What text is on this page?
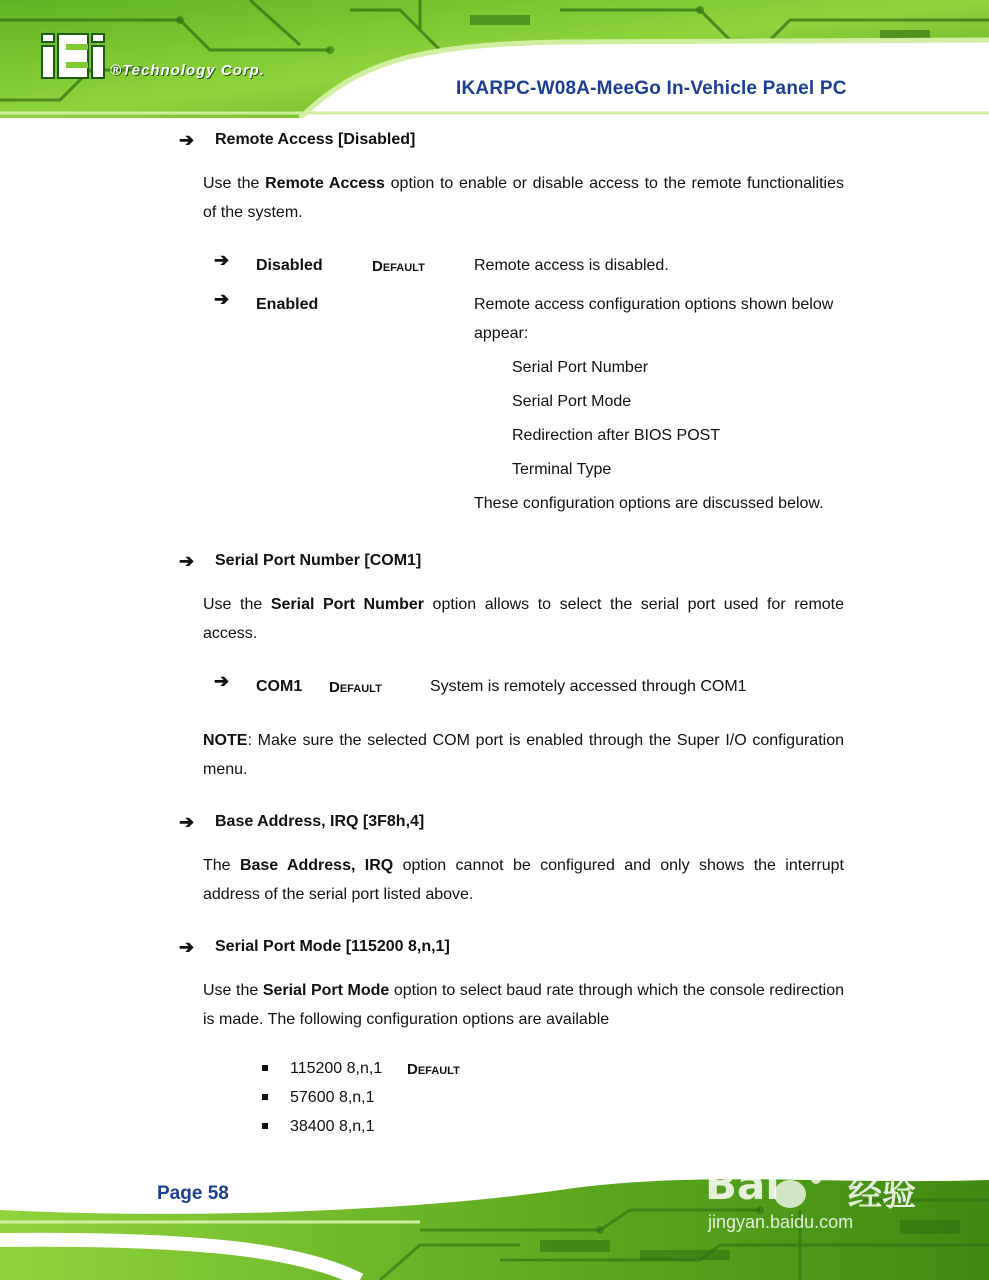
®Technology Corp.
IKARPC-W08A-MeeGo In-Vehicle Panel PC
➔ Remote Access [Disabled]
Use the Remote Access option to enable or disable access to the remote functionalities of the system.
➔ Disabled	Default	Remote access is disabled.
➔ Enabled	Remote access configuration options shown below appear:
Serial Port Number
Serial Port Mode
Redirection after BIOS POST
Terminal Type
These configuration options are discussed below.
➔ Serial Port Number [COM1]
Use the Serial Port Number option allows to select the serial port used for remote access.
➔ COM1 Default	System is remotely accessed through COM1
NOTE: Make sure the selected COM port is enabled through the Super I/O configuration menu.
➔ Base Address, IRQ [3F8h,4]
The Base Address, IRQ option cannot be configured and only shows the interrupt address of the serial port listed above.
➔ Serial Port Mode [115200 8,n,1]
Use the Serial Port Mode option to select baud rate through which the console redirection is made. The following configuration options are available
115200 8,n,1 Default
57600 8,n,1
38400 8,n,1
Page 58	Bai 经验
jingyan.baidu.com
